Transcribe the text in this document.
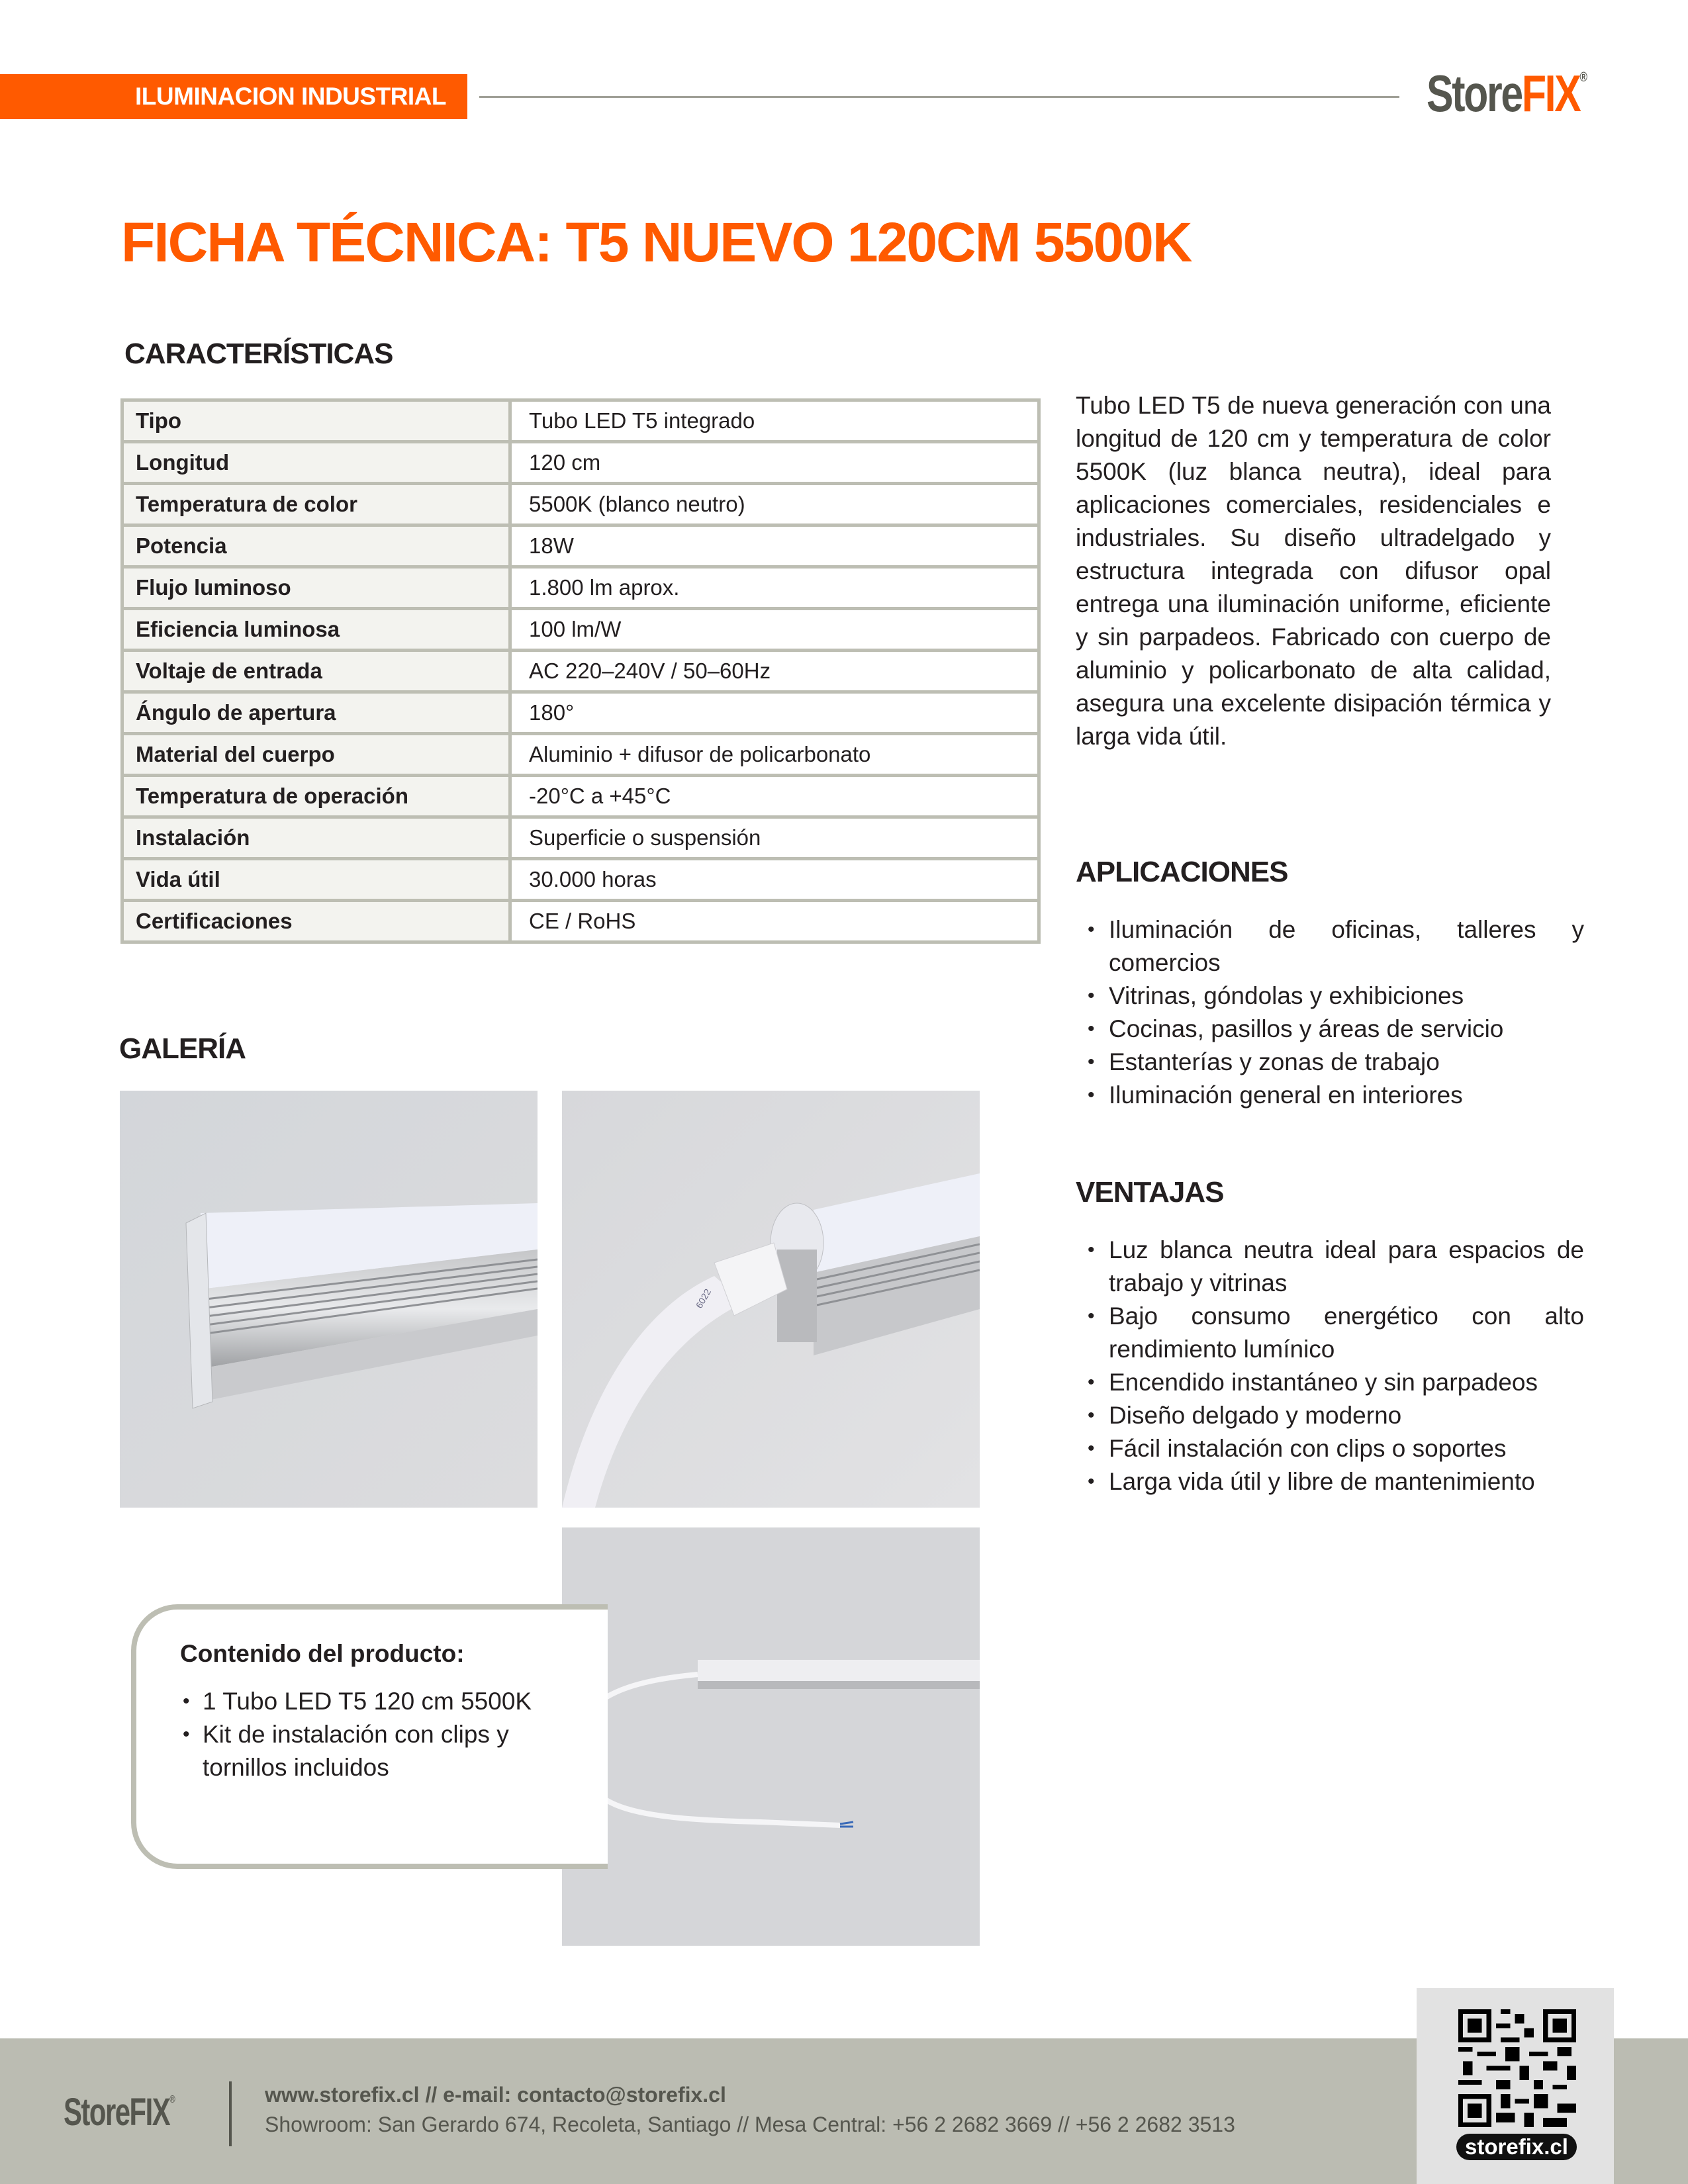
ILUMINACION INDUSTRIAL	StoreFIX®
FICHA TÉCNICA: T5 NUEVO 120CM 5500K
CARACTERÍSTICAS
Tipo	Tubo LED T5 integrado
Longitud	120 cm
Temperatura de color	5500K (blanco neutro)
Potencia	18W
Flujo luminoso	1.800 lm aprox.
Eficiencia luminosa	100 lm/W
Voltaje de entrada	AC 220–240V / 50–60Hz
Ángulo de apertura	180°
Material del cuerpo	Aluminio + difusor de policarbonato
Temperatura de operación	-20°C a +45°C
Instalación	Superficie o suspensión
Vida útil	30.000 horas
Certificaciones	CE / RoHS
Tubo LED T5 de nueva generación con una longitud de 120 cm y temperatura de color 5500K (luz blanca neutra), ideal para aplicaciones comerciales, residenciales e industriales. Su diseño ultradelgado y estructura integrada con difusor opal entrega una iluminación uniforme, eficiente y sin parpadeos. Fabricado con cuerpo de aluminio y policarbonato de alta calidad, asegura una excelente disipación térmica y larga vida útil.
APLICACIONES
• Iluminación de oficinas, talleres y comercios
• Vitrinas, góndolas y exhibiciones
• Cocinas, pasillos y áreas de servicio
• Estanterías y zonas de trabajo
• Iluminación general en interiores
VENTAJAS
• Luz blanca neutra ideal para espacios de trabajo y vitrinas
• Bajo consumo energético con alto rendimiento lumínico
• Encendido instantáneo y sin parpadeos
• Diseño delgado y moderno
• Fácil instalación con clips o soportes
• Larga vida útil y libre de mantenimiento
GALERÍA
6022
Contenido del producto:
• 1 Tubo LED T5 120 cm 5500K
• Kit de instalación con clips y tornillos incluidos
StoreFIX®	www.storefix.cl // e-mail: contacto@storefix.cl
Showroom: San Gerardo 674, Recoleta, Santiago // Mesa Central: +56 2 2682 3669 // +56 2 2682 3513
storefix.cl
